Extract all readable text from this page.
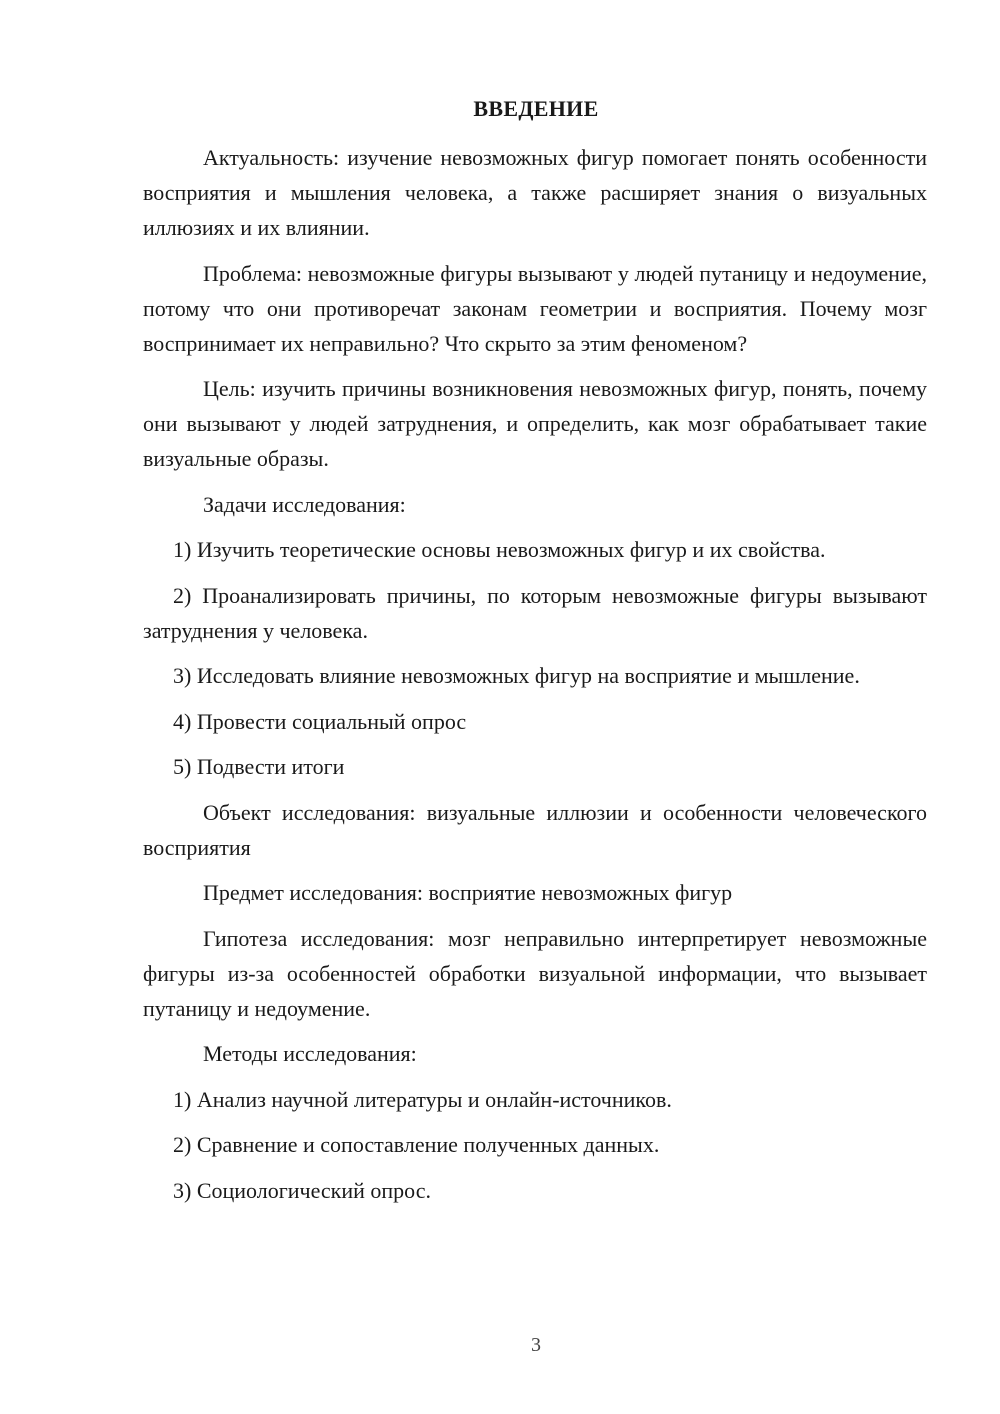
ВВЕДЕНИЕ

Актуальность: изучение невозможных фигур помогает понять особенности восприятия и мышления человека, а также расширяет знания о визуальных иллюзиях и их влиянии.

Проблема: невозможные фигуры вызывают у людей путаницу и недоумение, потому что они противоречат законам геометрии и восприятия. Почему мозг воспринимает их неправильно? Что скрыто за этим феноменом?

Цель: изучить причины возникновения невозможных фигур, понять, почему они вызывают у людей затруднения, и определить, как мозг обрабатывает такие визуальные образы.

Задачи исследования:

1) Изучить теоретические основы невозможных фигур и их свойства.

2) Проанализировать причины, по которым невозможные фигуры вызывают затруднения у человека.

3) Исследовать влияние невозможных фигур на восприятие и мышление.

4) Провести социальный опрос

5) Подвести итоги

Объект исследования: визуальные иллюзии и особенности человеческого восприятия

Предмет исследования: восприятие невозможных фигур

Гипотеза исследования: мозг неправильно интерпретирует невозможные фигуры из-за особенностей обработки визуальной информации, что вызывает путаницу и недоумение.

Методы исследования:

1) Анализ научной литературы и онлайн-источников.

2) Сравнение и сопоставление полученных данных.

3) Социологический опрос.

3
